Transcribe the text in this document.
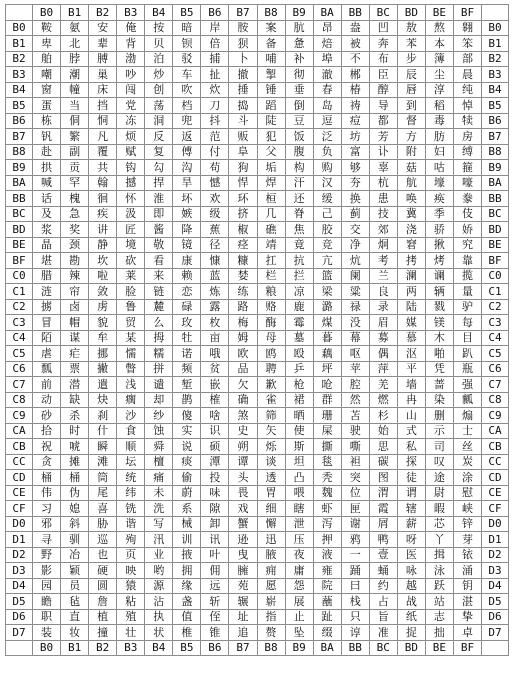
	B0	B1	B2	B3	B4	B5	B6	B7	B8	B9	BA	BB	BC	BD	BE	BF	
B0	鞍	氨	安	俺	按	暗	岸	胺	案	肮	昂	盎	凹	敖	熬	翱	B0
B1	卑	北	辈	背	贝	钡	倍	狈	备	惫	焙	被	奔	苯	本	笨	B1
B2	舶	脖	膊	渤	泊	驳	捕	卜	哺	补	埠	不	布	步	簿	部	B2
B3	嘲	潮	巢	吵	炒	车	扯	撤	掣	彻	澈	郴	臣	辰	尘	晨	B3
B4	窗	幢	床	闯	创	吹	炊	捶	锤	垂	春	椿	醇	唇	淳	纯	B4
B5	蛋	当	挡	党	荡	档	刀	捣	蹈	倒	岛	祷	导	到	稻	悼	B5
B6	栋	侗	恫	冻	洞	兜	抖	斗	陡	豆	逗	痘	都	督	毒	犊	B6
B7	钒	繁	凡	烦	反	返	范	贩	犯	饭	泛	坊	芳	方	肪	房	B7
B8	赴	副	覆	赋	复	傅	付	阜	父	腹	负	富	讣	附	妇	缚	B8
B9	拱	贡	共	钩	勾	沟	苟	狗	垢	构	购	够	辜	菇	咕	箍	B9
BA	喊	罕	翰	撼	捍	旱	憾	悍	焊	汗	汉	夯	杭	航	壕	嚎	BA
BB	话	槐	徊	怀	淮	坏	欢	环	桓	还	缓	换	患	唤	痪	豢	BB
BC	及	急	疾	汲	即	嫉	级	挤	几	脊	己	蓟	技	冀	季	伎	BC
BD	浆	奖	讲	匠	酱	降	蕉	椒	礁	焦	胶	交	郊	浇	骄	娇	BD
BE	晶	颈	静	境	敬	镜	径	痉	靖	竟	竞	净	炯	窘	揪	究	BE
BF	堪	勘	坎	砍	看	康	慷	糠	扛	抗	亢	炕	考	拷	烤	靠	BF
C0	腊	辣	啦	莱	来	赖	蓝	婪	栏	拦	篮	阑	兰	澜	谰	揽	C0
C1	涟	帘	敛	脸	链	恋	炼	练	粮	凉	梁	粱	良	两	辆	量	C1
C2	掳	卤	虏	鲁	麓	碌	露	路	赂	鹿	潞	禄	录	陆	戮	驴	C2
C3	冒	帽	貌	贸	么	玫	枚	梅	酶	霉	煤	没	眉	媒	镁	每	C3
C4	陌	谋	牟	某	拇	牡	亩	姆	母	墓	暮	幕	募	慕	木	目	C4
C5	虐	疟	挪	懦	糯	诺	哦	欧	鸥	殴	藕	呕	偶	沤	啪	趴	C5
C6	瓢	票	撇	瞥	拼	频	贫	品	聘	乒	坪	苹	萍	平	凭	瓶	C6
C7	前	潜	遣	浅	谴	堑	嵌	欠	歉	枪	呛	腔	羌	墙	蔷	强	C7
C8	动	缺	炔	瘸	却	鹊	榷	确	雀	裙	群	然	燃	冉	染	瓤	C8
C9	砂	杀	刹	沙	纱	傻	啥	煞	筛	晒	珊	苫	杉	山	删	煽	C9
CA	拾	时	什	食	蚀	实	识	史	矢	使	屎	驶	始	式	示	士	CA
CB	祝	唬	瞬	顺	舜	说	硕	朔	烁	斯	撕	嘶	思	私	司	丝	CB
CC	贪	摊	滩	坛	檀	痰	潭	谭	谈	坦	毯	袒	碳	探	叹	炭	CC
CD	桶	桶	筒	统	痛	偷	投	头	透	凸	秃	突	图	徒	途	涂	CD
CE	伟	伪	尾	纬	未	蔚	味	畏	胃	喂	魏	位	渭	谓	尉	慰	CE
CF	习	媳	喜	铣	洗	系	隙	戏	细	瞎	虾	匣	霞	辖	暇	峡	CF
D0	邪	斜	胁	谐	写	械	卸	蟹	懈	泄	泻	谢	屑	薪	芯	锌	D0
D1	寻	驯	巡	殉	汛	训	讯	逊	迅	压	押	鸦	鸭	呀	丫	芽	D1
D2	野	冶	也	页	业	掖	叶	曳	腋	夜	液	一	壹	医	揖	铱	D2
D3	影	颖	硬	映	哟	拥	佣	臃	痈	庸	雍	踊	蛹	咏	泳	涌	D3
D4	园	员	圆	猿	源	缘	远	苑	愿	怨	院	曰	约	越	跃	钥	D4
D5	瞻	毡	詹	粘	沾	盏	斩	辗	崭	展	蘸	栈	占	战	站	湛	D5
D6	职	直	植	殖	执	值	侄	址	指	止	趾	只	旨	纸	志	挚	D6
D7	装	妆	撞	壮	状	椎	锥	追	赘	坠	缀	谆	准	捉	拙	卓	D7
	B0	B1	B2	B3	B4	B5	B6	B7	B8	B9	BA	BB	BC	BD	BE	BF	
